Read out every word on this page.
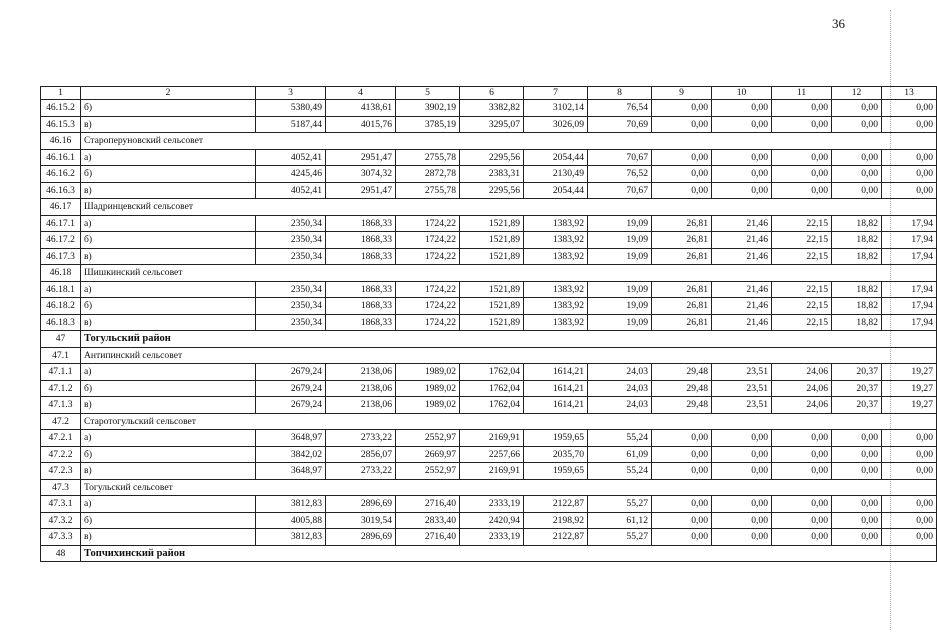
36
1	2	3	4	5	6	7	8	9	10	11	12	13
46.15.2	б)	5380,49	4138,61	3902,19	3382,82	3102,14	76,54	0,00	0,00	0,00	0,00	0,00
46.15.3	в)	5187,44	4015,76	3785,19	3295,07	3026,09	70,69	0,00	0,00	0,00	0,00	0,00
46.16	Староперуновский сельсовет											
46.16.1	а)	4052,41	2951,47	2755,78	2295,56	2054,44	70,67	0,00	0,00	0,00	0,00	0,00
46.16.2	б)	4245,46	3074,32	2872,78	2383,31	2130,49	76,52	0,00	0,00	0,00	0,00	0,00
46.16.3	в)	4052,41	2951,47	2755,78	2295,56	2054,44	70,67	0,00	0,00	0,00	0,00	0,00
46.17	Шадринцевский сельсовет											
46.17.1	а)	2350,34	1868,33	1724,22	1521,89	1383,92	19,09	26,81	21,46	22,15	18,82	17,94
46.17.2	б)	2350,34	1868,33	1724,22	1521,89	1383,92	19,09	26,81	21,46	22,15	18,82	17,94
46.17.3	в)	2350,34	1868,33	1724,22	1521,89	1383,92	19,09	26,81	21,46	22,15	18,82	17,94
46.18	Шишкинский сельсовет											
46.18.1	а)	2350,34	1868,33	1724,22	1521,89	1383,92	19,09	26,81	21,46	22,15	18,82	17,94
46.18.2	б)	2350,34	1868,33	1724,22	1521,89	1383,92	19,09	26,81	21,46	22,15	18,82	17,94
46.18.3	в)	2350,34	1868,33	1724,22	1521,89	1383,92	19,09	26,81	21,46	22,15	18,82	17,94
47	Тогульский район											
47.1	Антипинский сельсовет											
47.1.1	а)	2679,24	2138,06	1989,02	1762,04	1614,21	24,03	29,48	23,51	24,06	20,37	19,27
47.1.2	б)	2679,24	2138,06	1989,02	1762,04	1614,21	24,03	29,48	23,51	24,06	20,37	19,27
47.1.3	в)	2679,24	2138,06	1989,02	1762,04	1614,21	24,03	29,48	23,51	24,06	20,37	19,27
47.2	Старотогульский сельсовет											
47.2.1	а)	3648,97	2733,22	2552,97	2169,91	1959,65	55,24	0,00	0,00	0,00	0,00	0,00
47.2.2	б)	3842,02	2856,07	2669,97	2257,66	2035,70	61,09	0,00	0,00	0,00	0,00	0,00
47.2.3	в)	3648,97	2733,22	2552,97	2169,91	1959,65	55,24	0,00	0,00	0,00	0,00	0,00
47.3	Тогульский сельсовет											
47.3.1	а)	3812,83	2896,69	2716,40	2333,19	2122,87	55,27	0,00	0,00	0,00	0,00	0,00
47.3.2	б)	4005,88	3019,54	2833,40	2420,94	2198,92	61,12	0,00	0,00	0,00	0,00	0,00
47.3.3	в)	3812,83	2896,69	2716,40	2333,19	2122,87	55,27	0,00	0,00	0,00	0,00	0,00
48	Топчихинский район											
